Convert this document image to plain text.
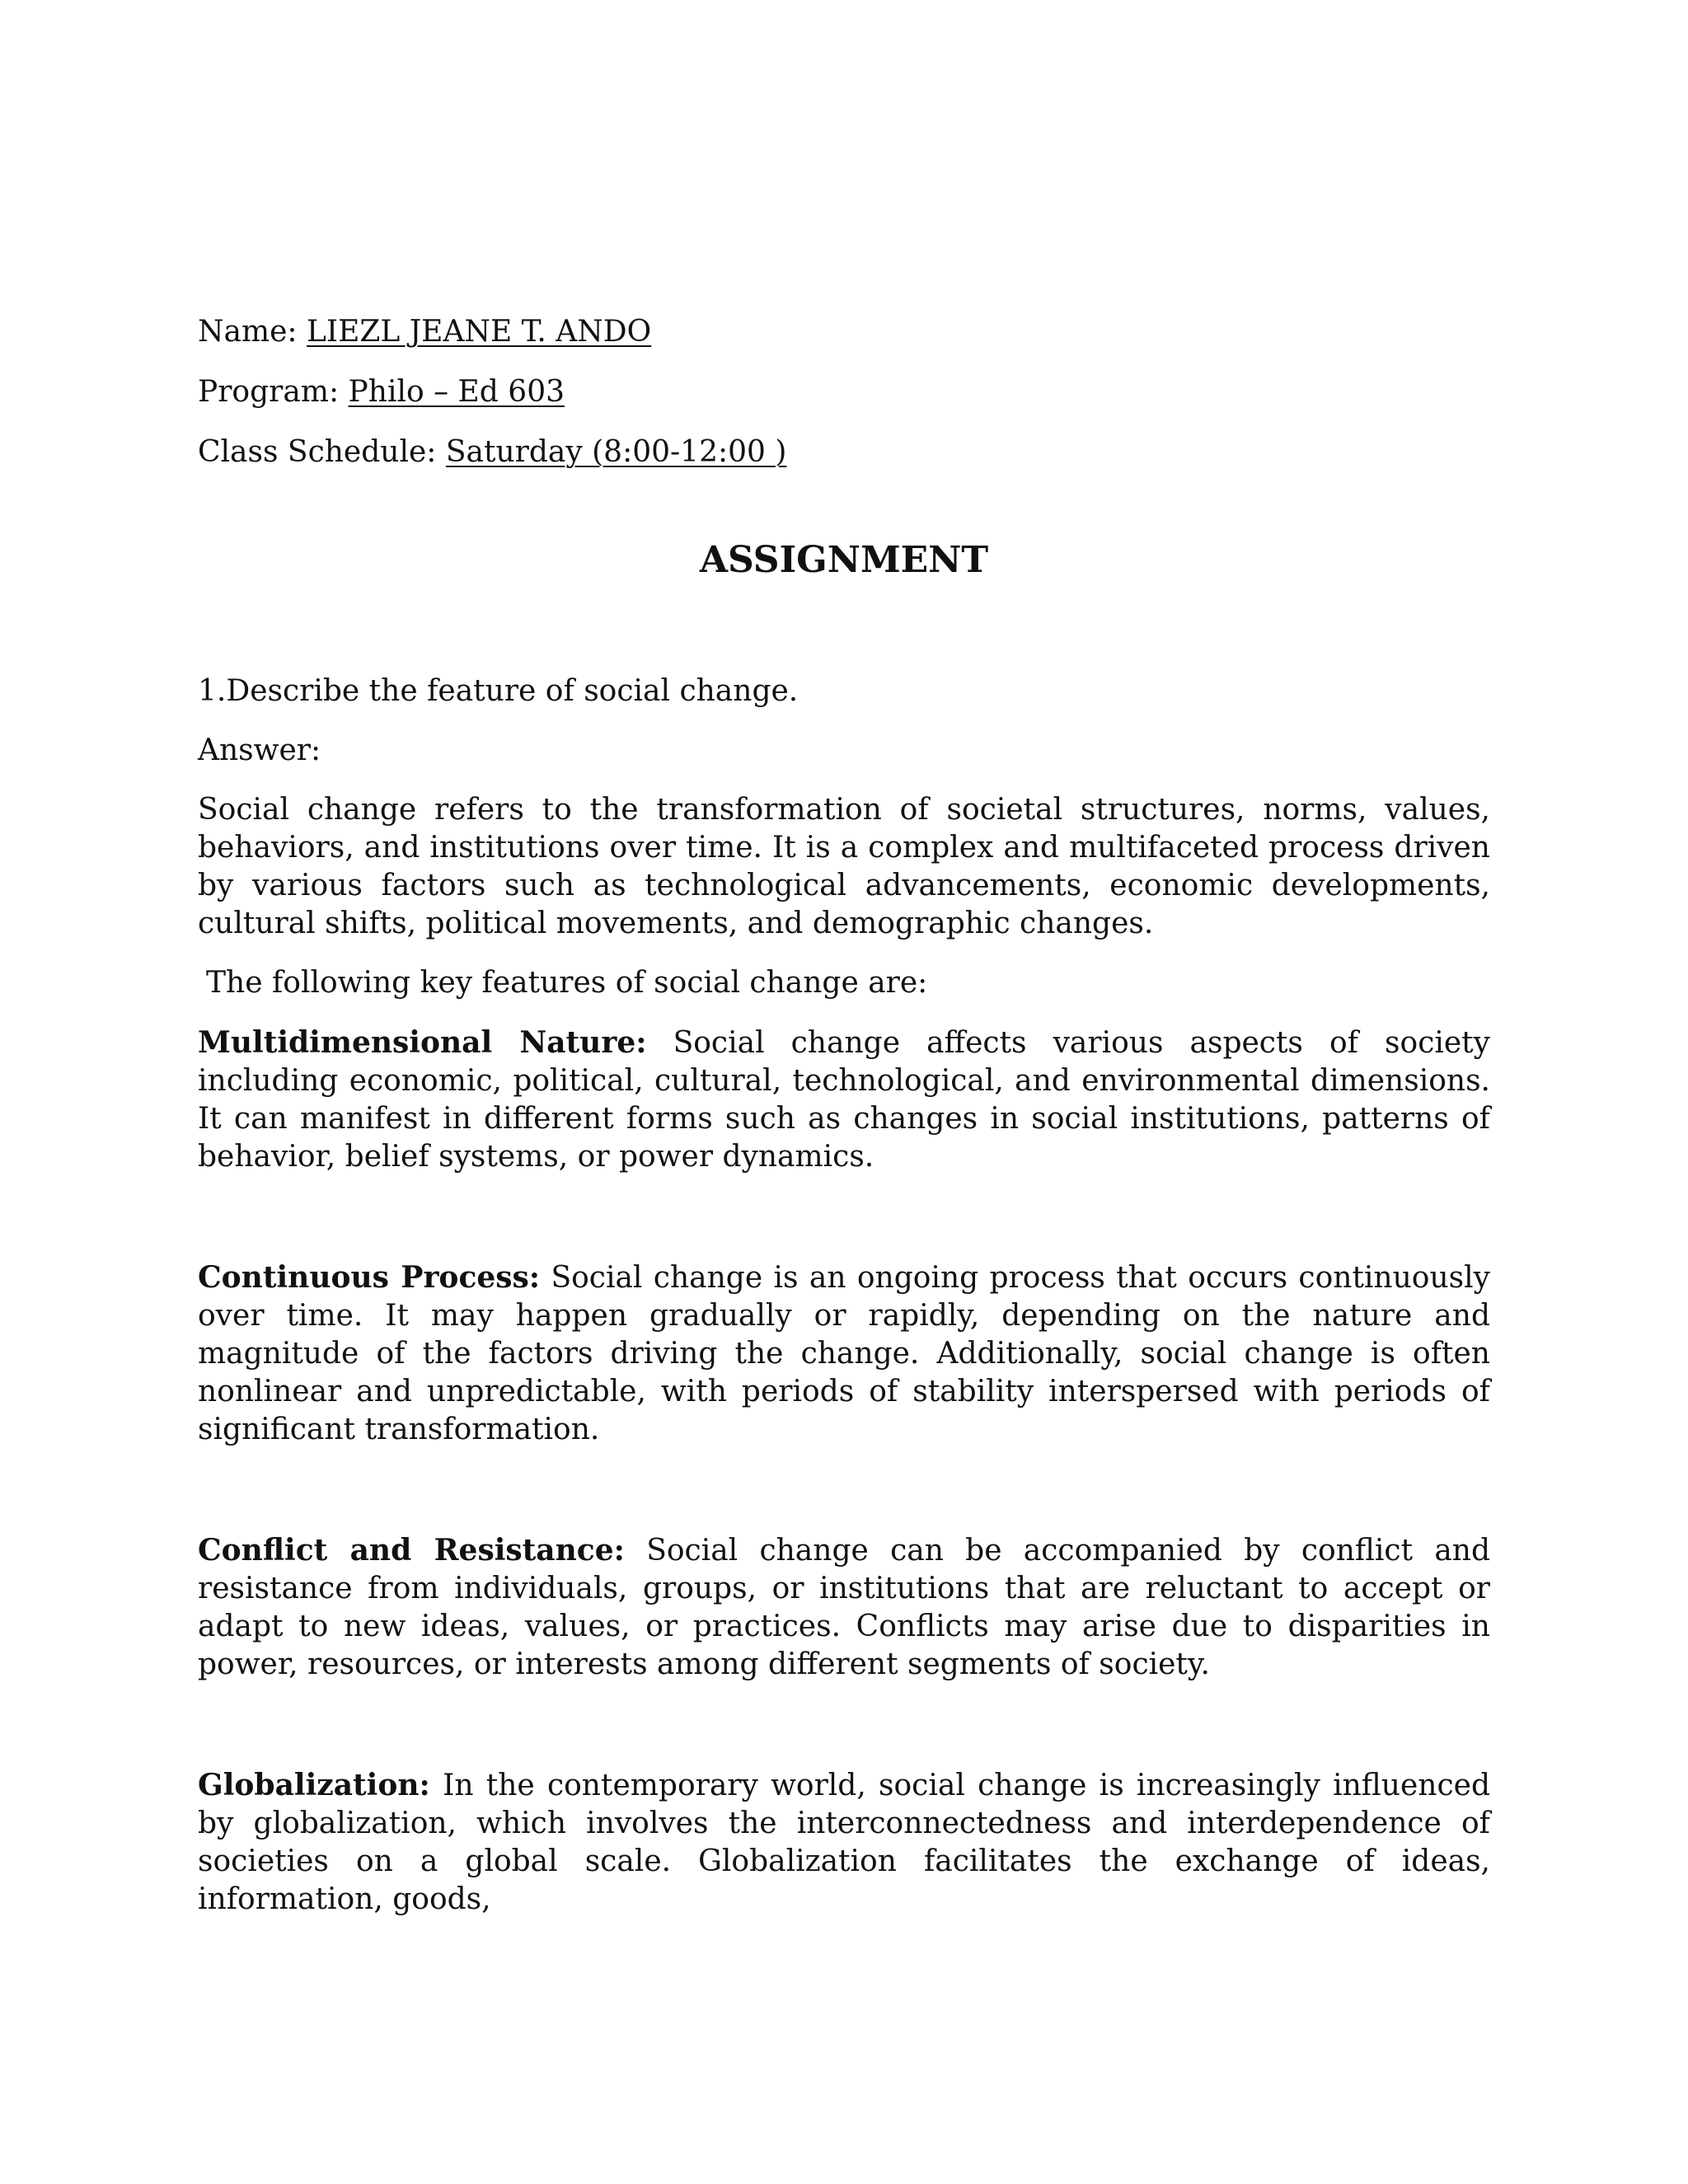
Name: LIEZL JEANE T. ANDO

Program: Philo – Ed 603

Class Schedule: Saturday (8:00-12:00 )

ASSIGNMENT

1.Describe the feature of social change.

Answer:

Social change refers to the transformation of societal structures, norms, values, behaviors, and institutions over time. It is a complex and multifaceted process driven by various factors such as technological advancements, economic developments, cultural shifts, political movements, and demographic changes.

The following key features of social change are:

Multidimensional Nature: Social change affects various aspects of society including economic, political, cultural, technological, and environmental dimensions. It can manifest in different forms such as changes in social institutions, patterns of behavior, belief systems, or power dynamics.

Continuous Process: Social change is an ongoing process that occurs continuously over time. It may happen gradually or rapidly, depending on the nature and magnitude of the factors driving the change. Additionally, social change is often nonlinear and unpredictable, with periods of stability interspersed with periods of significant transformation.

Conflict and Resistance: Social change can be accompanied by conflict and resistance from individuals, groups, or institutions that are reluctant to accept or adapt to new ideas, values, or practices. Conflicts may arise due to disparities in power, resources, or interests among different segments of society.

Globalization: In the contemporary world, social change is increasingly influenced by globalization, which involves the interconnectedness and interdependence of societies on a global scale. Globalization facilitates the exchange of ideas, information, goods,
